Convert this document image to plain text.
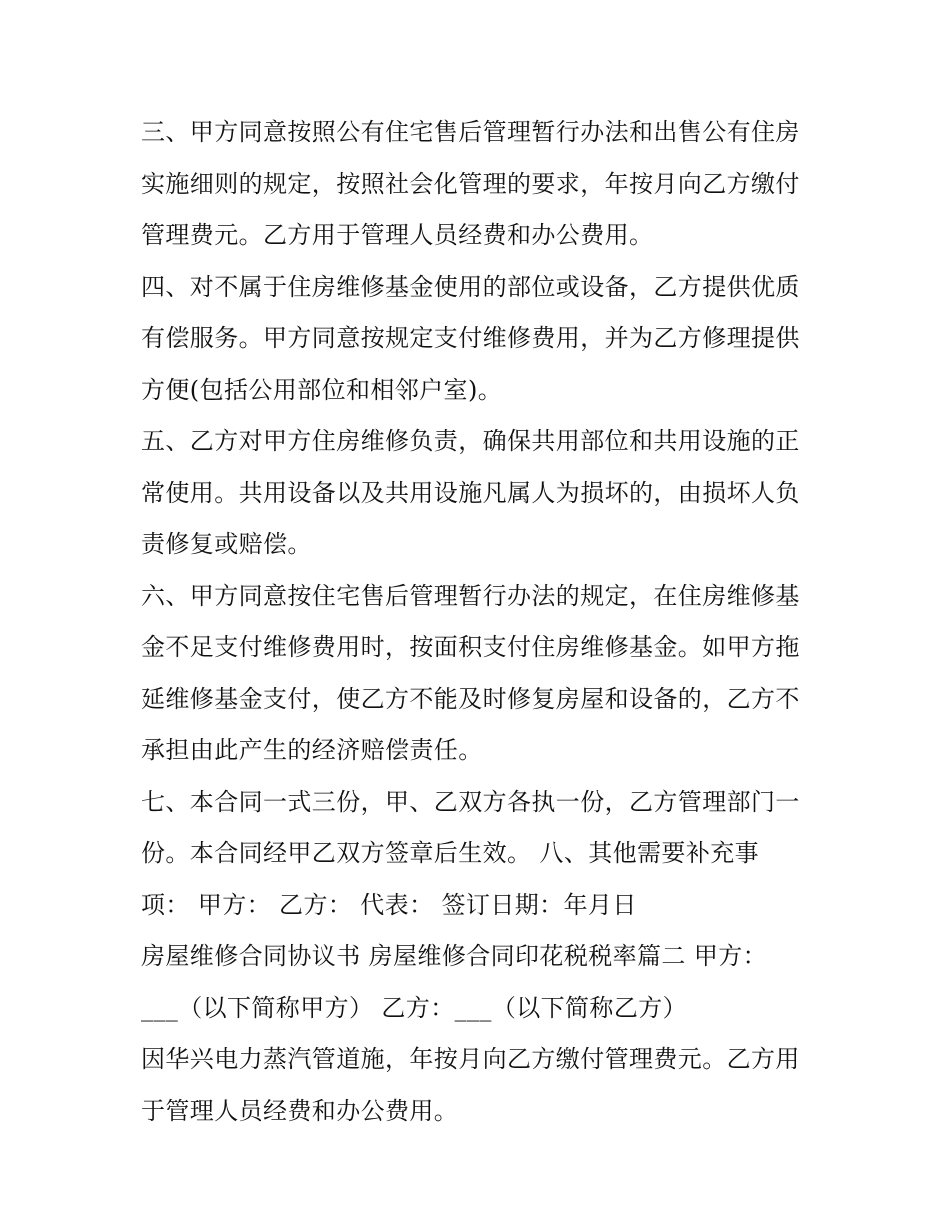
三、甲方同意按照公有住宅售后管理暂行办法和出售公有住房
实施细则的规定，按照社会化管理的要求，年按月向乙方缴付
管理费元。乙方用于管理人员经费和办公费用。
四、对不属于住房维修基金使用的部位或设备，乙方提供优质
有偿服务。甲方同意按规定支付维修费用，并为乙方修理提供
方便(包括公用部位和相邻户室)。
五、乙方对甲方住房维修负责，确保共用部位和共用设施的正
常使用。共用设备以及共用设施凡属人为损坏的，由损坏人负
责修复或赔偿。
六、甲方同意按住宅售后管理暂行办法的规定，在住房维修基
金不足支付维修费用时，按面积支付住房维修基金。如甲方拖
延维修基金支付，使乙方不能及时修复房屋和设备的，乙方不
承担由此产生的经济赔偿责任。
七、本合同一式三份，甲、乙双方各执一份，乙方管理部门一
份。本合同经甲乙双方签章后生效。 八、其他需要补充事
项： 甲方： 乙方： 代表： 签订日期：年月日
房屋维修合同协议书 房屋维修合同印花税税率篇二 甲方：
___（以下简称甲方） 乙方：___（以下简称乙方）
因华兴电力蒸汽管道施，年按月向乙方缴付管理费元。乙方用
于管理人员经费和办公费用。
